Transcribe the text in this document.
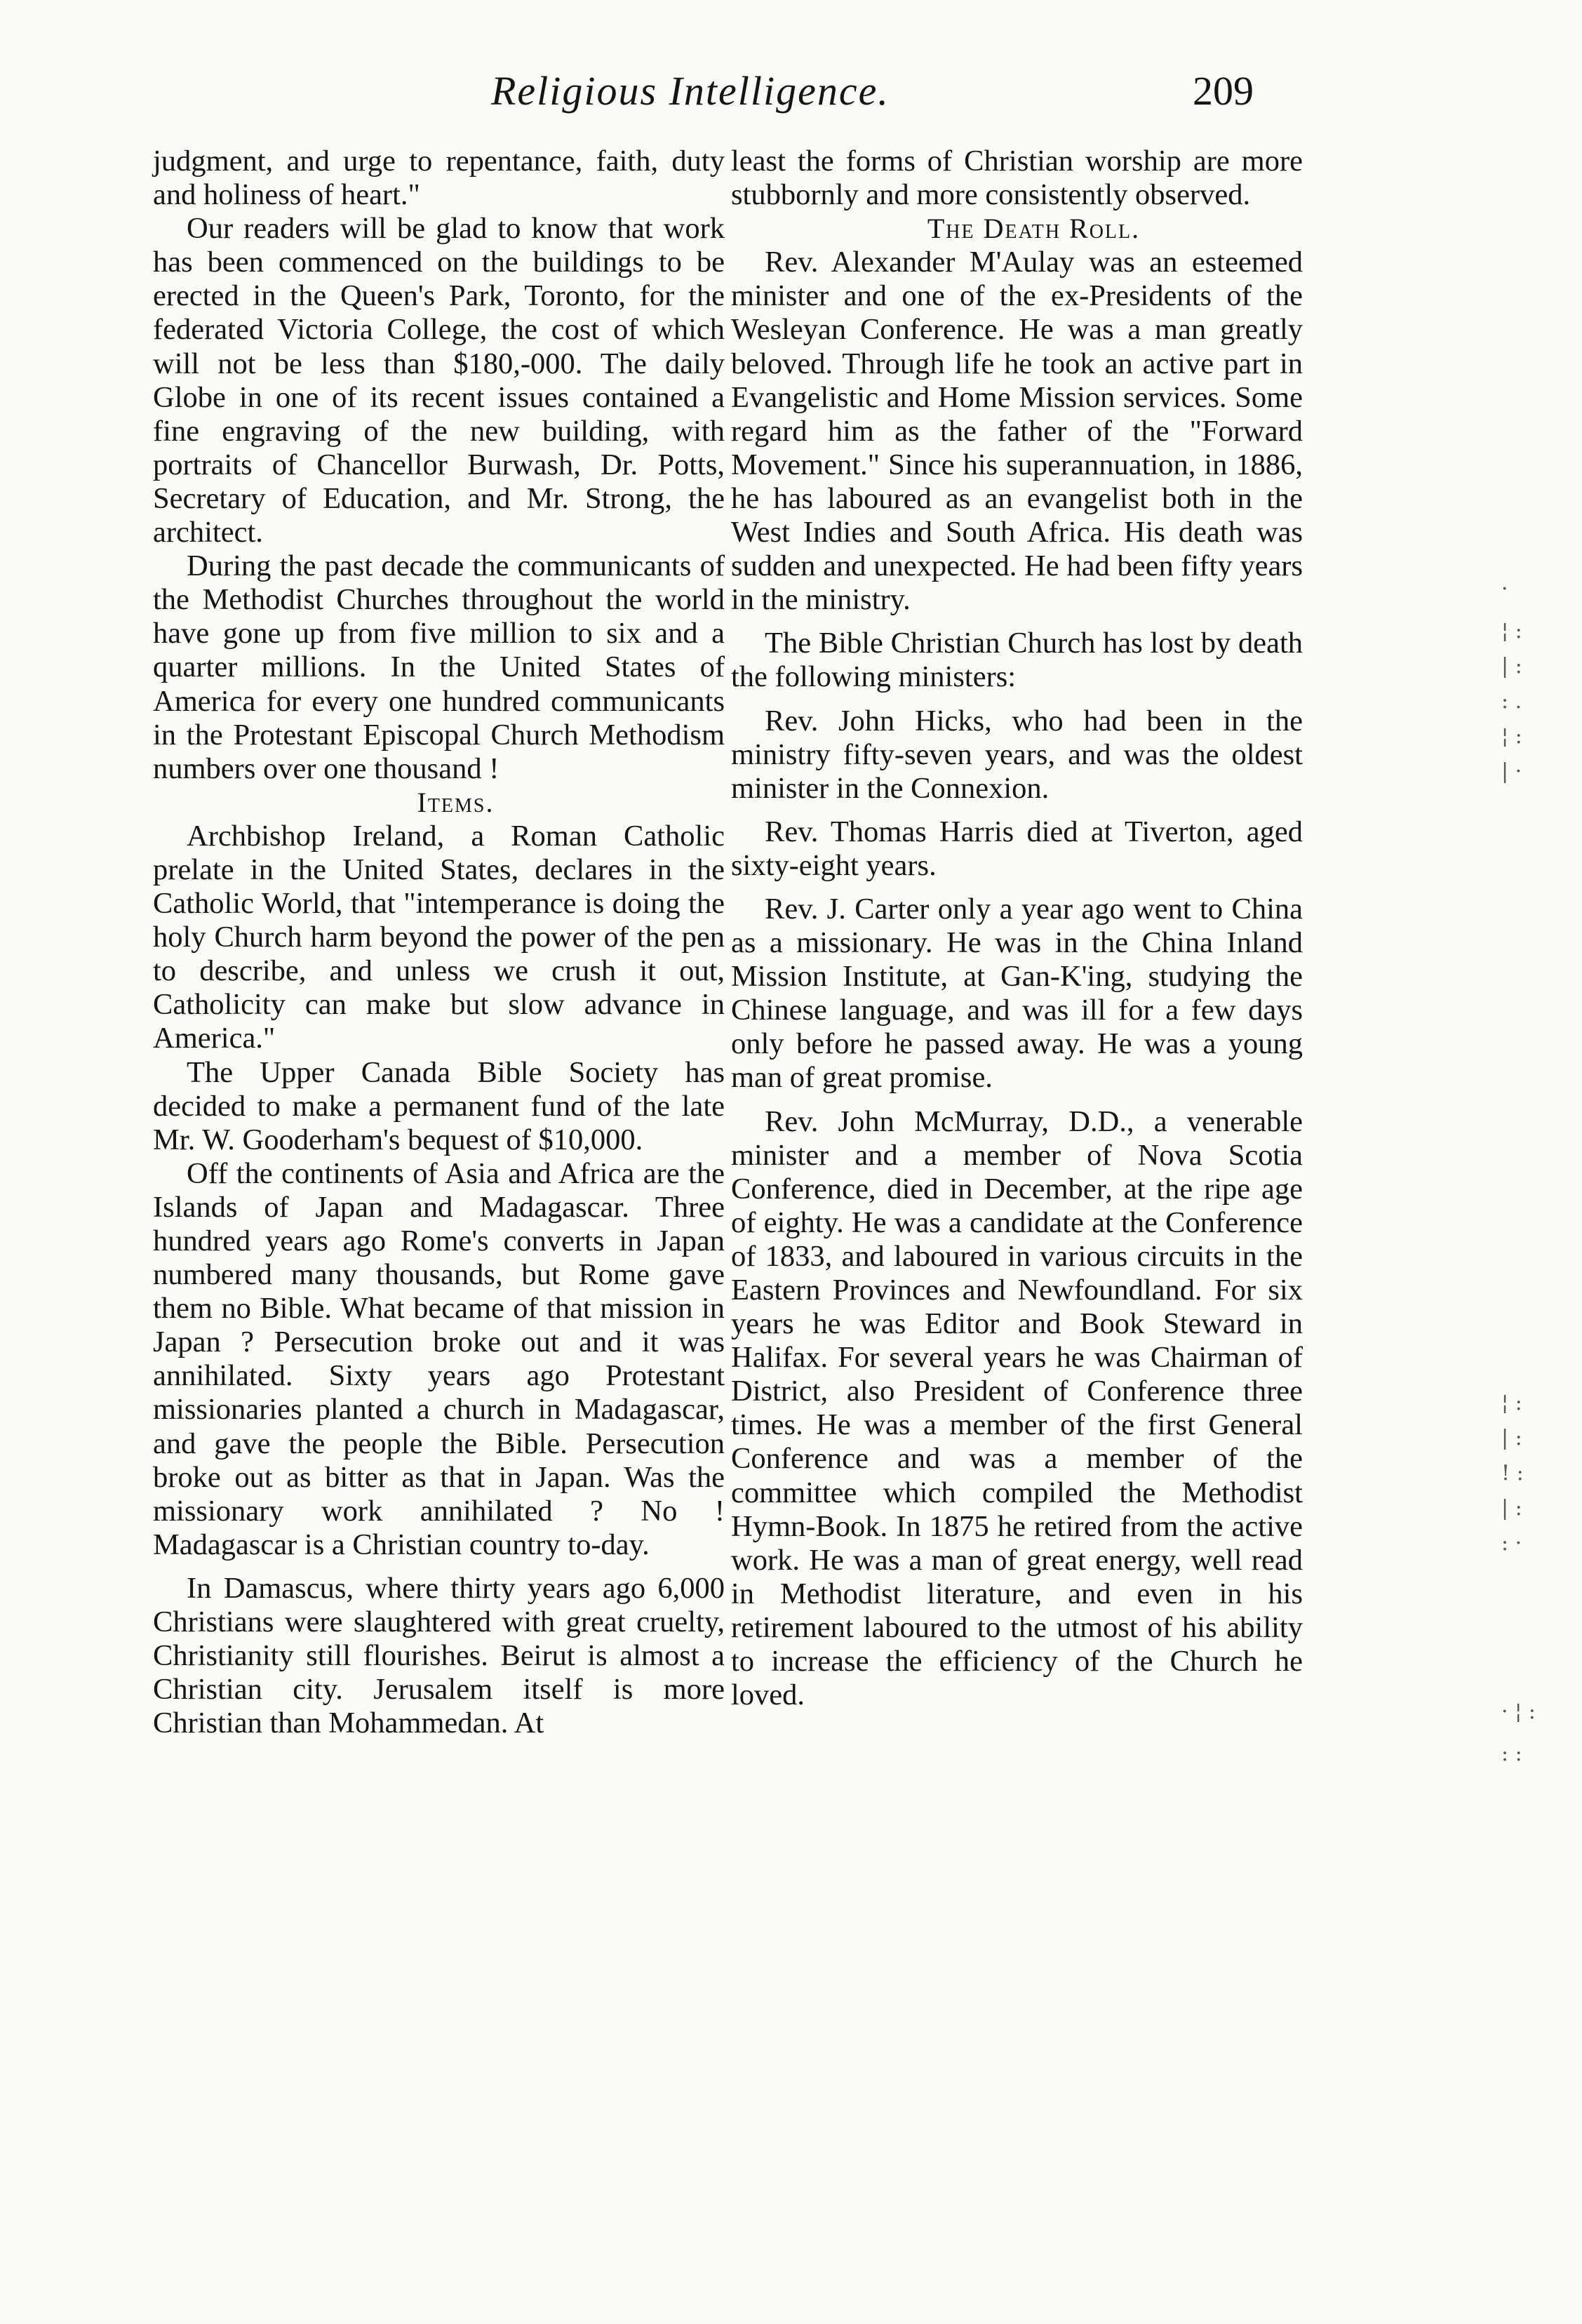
Religious Intelligence.	209

judgment, and urge to repentance, faith, duty and holiness of heart."

Our readers will be glad to know that work has been commenced on the buildings to be erected in the Queen's Park, Toronto, for the federated Victoria College, the cost of which will not be less than $180,-000. The daily Globe in one of its recent issues contained a fine engraving of the new building, with portraits of Chancellor Burwash, Dr. Potts, Secretary of Education, and Mr. Strong, the architect.

During the past decade the communicants of the Methodist Churches throughout the world have gone up from five million to six and a quarter millions. In the United States of America for every one hundred communicants in the Protestant Episcopal Church Methodism numbers over one thousand !

Items.

Archbishop Ireland, a Roman Catholic prelate in the United States, declares in the Catholic World, that "intemperance is doing the holy Church harm beyond the power of the pen to describe, and unless we crush it out, Catholicity can make but slow advance in America."

The Upper Canada Bible Society has decided to make a permanent fund of the late Mr. W. Gooderham's bequest of $10,000.

Off the continents of Asia and Africa are the Islands of Japan and Madagascar. Three hundred years ago Rome's converts in Japan numbered many thousands, but Rome gave them no Bible. What became of that mission in Japan ? Persecution broke out and it was annihilated. Sixty years ago Protestant missionaries planted a church in Madagascar, and gave the people the Bible. Persecution broke out as bitter as that in Japan. Was the missionary work annihilated ? No ! Madagascar is a Christian country to-day.

In Damascus, where thirty years ago 6,000 Christians were slaughtered with great cruelty, Christianity still flourishes. Beirut is almost a Christian city. Jerusalem itself is more Christian than Mohammedan. At

least the forms of Christian worship are more stubbornly and more consistently observed.

The Death Roll.

Rev. Alexander M'Aulay was an esteemed minister and one of the ex-Presidents of the Wesleyan Conference. He was a man greatly beloved. Through life he took an active part in Evangelistic and Home Mission services. Some regard him as the father of the "Forward Movement." Since his superannuation, in 1886, he has laboured as an evangelist both in the West Indies and South Africa. His death was sudden and unexpected. He had been fifty years in the ministry.

The Bible Christian Church has lost by death the following ministers:

Rev. John Hicks, who had been in the ministry fifty-seven years, and was the oldest minister in the Connexion.

Rev. Thomas Harris died at Tiverton, aged sixty-eight years.

Rev. J. Carter only a year ago went to China as a missionary. He was in the China Inland Mission Institute, at Gan-K'ing, studying the Chinese language, and was ill for a few days only before he passed away. He was a young man of great promise.

Rev. John McMurray, D.D., a venerable minister and a member of Nova Scotia Conference, died in December, at the ripe age of eighty. He was a candidate at the Conference of 1833, and laboured in various circuits in the Eastern Provinces and Newfoundland. For six years he was Editor and Book Steward in Halifax. For several years he was Chairman of District, also President of Conference three times. He was a member of the first General Conference and was a member of the committee which compiled the Methodist Hymn-Book. In 1875 he retired from the active work. He was a man of great energy, well read in Methodist literature, and even in his retirement laboured to the utmost of his ability to increase the efficiency of the Church he loved.

·
¦ :
| :
: .
¦ :
| ·
¦ :
| :
! :
| :
: ·
· ¦ :
: :
